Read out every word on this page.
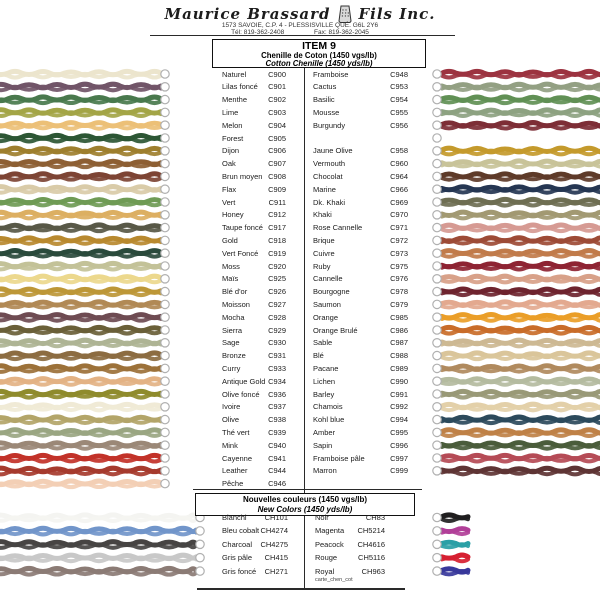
Maurice Brassard Fils Inc.
1573 SAVOIE, C.P. 4 - PLESSISVILLE QUÉ. G6L 2Y6
Tél: 819-362-2408	Fax: 819-362-2045
ITEM 9
Chenille de Coton (1450 vgs/lb)
Cotton Chenille (1450 yds/lb)
Nouvelles couleurs (1450 vgs/lb)
New Colors (1450 yds/lb)
carte_chen_cot
Naturel	C900
Lilas foncé	C901
Menthe	C902
Lime	C903
Melon	C904
Forest	C905
Dijon	C906
Oak	C907
Brun moyen C908
Flax	C909
Vert	C911
Honey	C912
Taupe foncé C917
Gold	C918
Vert Foncé	C919
Moss	C920
Maïs	C925
Blé d'or	C926
Moisson	C927
Mocha	C928
Sierra	C929
Sage	C930
Bronze	C931
Curry	C933
Antique Gold C934
Olive foncé	C936
Ivoire	C937
Olive	C938
Thé vert	C939
Mink	C940
Cayenne	C941
Leather	C944
Pêche	C946
Framboise	C948
Cactus	C953
Basilic	C954
Mousse	C955
Burgundy	C956
Jaune Olive	C958
Vermouth	C960
Chocolat	C964
Marine	C966
Dk. Khaki	C969
Khaki	C970
Rose Cannelle	C971
Brique	C972
Cuivre	C973
Ruby	C975
Cannelle	C976
Bourgogne	C978
Saumon	C979
Orange	C985
Orange Brulé	C986
Sable	C987
Blé	C988
Pacane	C989
Lichen	C990
Barley	C991
Chamois	C992
Kohl blue	C994
Amber	C995
Sapin	C996
Framboise pâle	C997
Marron	C999
Blanchi	CH101
Bleu cobalt CH4274
Charcoal	CH4275
Gris pâle	CH415
Gris foncé	CH271
Noir	CH83
Magenta	CH5214
Peacock	CH4616
Rouge	CH5116
Royal	CH963
